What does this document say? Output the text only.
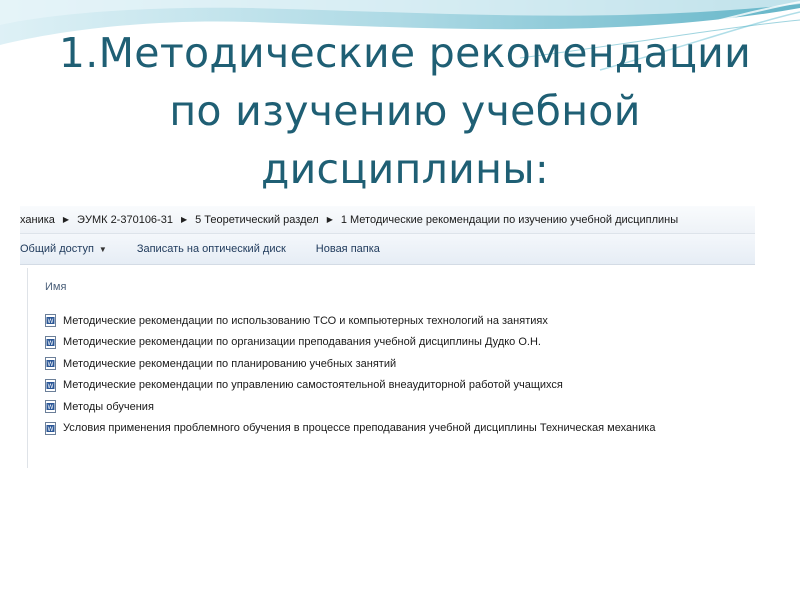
1.Методические рекомендации
по изучению учебной
дисциплины:
ханика ▶ ЭУМК 2-370106-31 ▶ 5 Теоретический раздел ▶ 1 Методические рекомендации по изучению учебной дисциплины
Общий доступ ▼	Записать на оптический диск	Новая папка
Имя
W Методические рекомендации по использованию ТСО и компьютерных технологий на занятиях
W Методические рекомендации по организации преподавания учебной дисциплины Дудко О.Н.
W Методические рекомендации по планированию учебных занятий
W Методические рекомендации по управлению самостоятельной внеаудиторной работой учащихся
W Методы обучения
W Условия применения проблемного обучения в процессе преподавания учебной дисциплины Техническая механика
